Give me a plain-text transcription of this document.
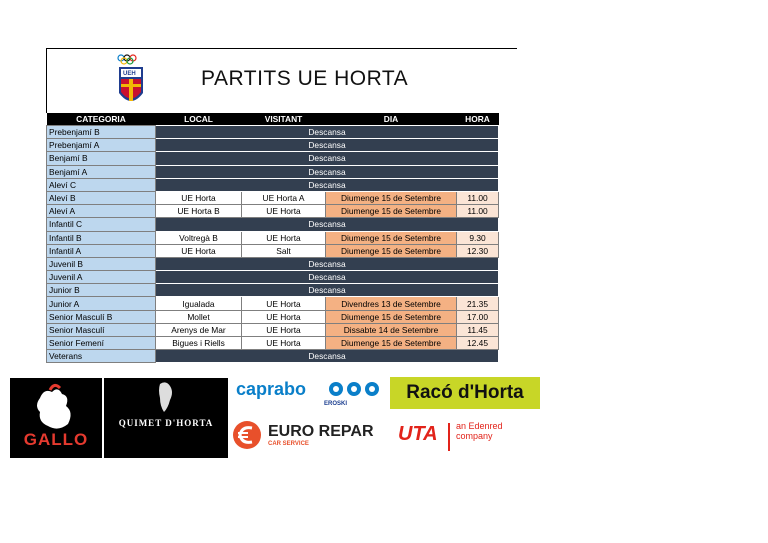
UEH	PARTITS UE HORTA
CATEGORIA	LOCAL	VISITANT	DIA	HORA
Prebenjamí B	Descansa			
Prebenjamí A	Descansa			
Benjamí B	Descansa			
Benjamí A	Descansa			
Aleví C	Descansa			
Aleví B	UE Horta	UE Horta A	Diumenge 15 de Setembre	11.00
Aleví A	UE Horta B	UE Horta	Diumenge 15 de Setembre	11.00
Infantil C	Descansa			
Infantil B	Voltregà B	UE Horta	Diumenge 15 de Setembre	9.30
Infantil A	UE Horta	Salt	Diumenge 15 de Setembre	12.30
Juvenil B	Descansa			
Juvenil A	Descansa			
Junior B	Descansa			
Junior A	Igualada	UE Horta	Divendres 13 de Setembre	21.35
Senior Masculí B	Mollet	UE Horta	Diumenge 15 de Setembre	17.00
Senior Masculí	Arenys de Mar	UE Horta	Dissabte 14 de Setembre	11.45
Senior Femení	Bigues i Riells	UE Horta	Diumenge 15 de Setembre	12.45
Veterans	Descansa			
GALLO
QUIMET D'HORTA
caprabo
EROSKI
Racó d'Horta
EURO REPAR
CAR SERVICE	UTA an Edenred company
